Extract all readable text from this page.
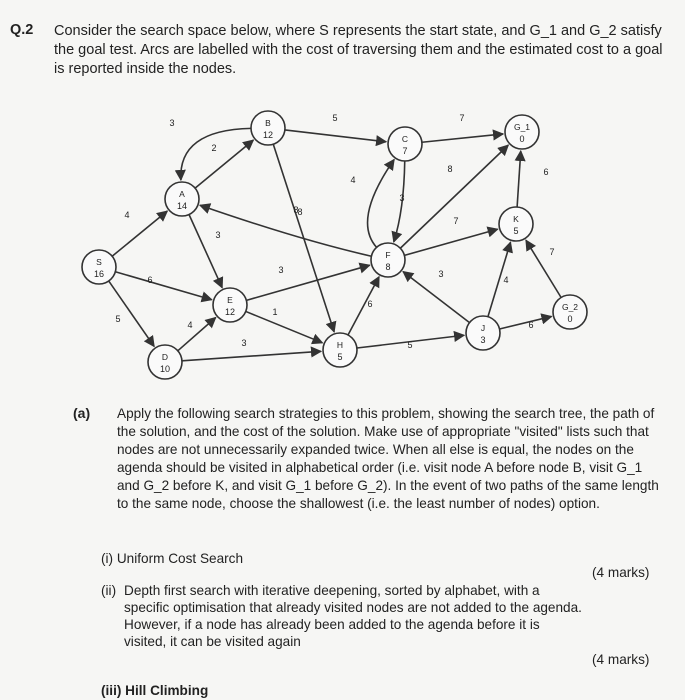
Q.2 Consider the search space below, where S represents the start state, and G_1 and G_2 satisfy the goal test. Arcs are labelled with the cost of traversing them and the estimated cost to a goal is reported inside the nodes.
4
6
5
3
2
3
5
8
8
4
3
3
1
4
3
7
6
5
3
7
8	6
4
7
6
S
16
A
14
B
12	C
7
D
10
E
12
F
8
H
5
J
3
K
5
G_1
0
G_2
0
(a) Apply the following search strategies to this problem, showing the search tree, the path of the solution, and the cost of the solution. Make use of appropriate "visited" lists such that nodes are not unnecessarily expanded twice. When all else is equal, the nodes on the agenda should be visited in alphabetical order (i.e. visit node A before node B, visit G_1 and G_2 before K, and visit G_1 before G_2). In the event of two paths of the same length to the same node, choose the shallowest (i.e. the least number of nodes) option.
(i) Uniform Cost Search
(4 marks)
(ii) Depth first search with iterative deepening, sorted by alphabet, with a specific optimisation that already visited nodes are not added to the agenda. However, if a node has already been added to the agenda before it is visited, it can be visited again
(4 marks)
(iii) Hill Climbing
